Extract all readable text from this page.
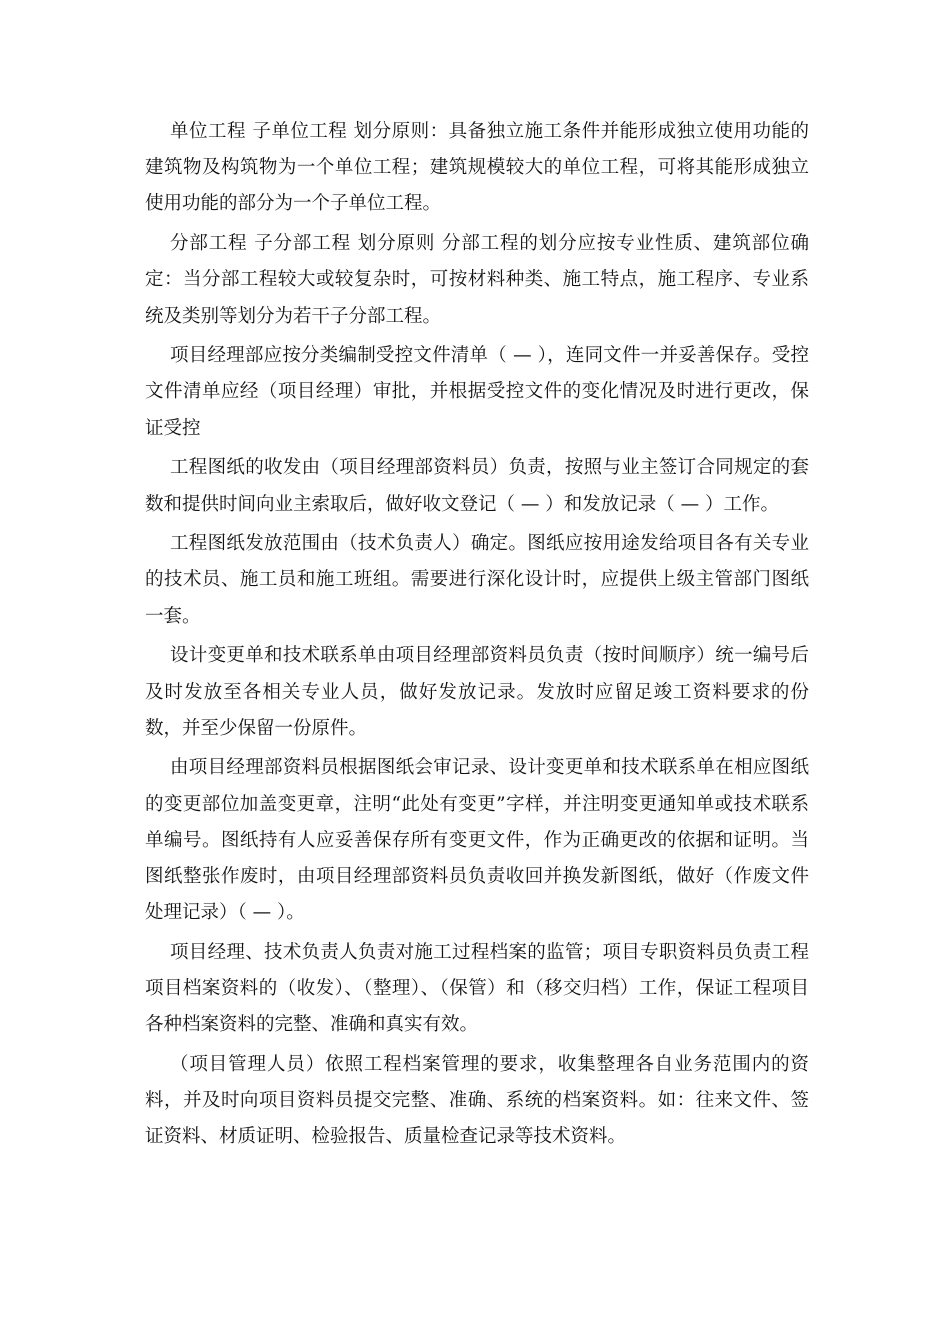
单位工程 子单位工程 划分原则：具备独立施工条件并能形成独立使用功能的建筑物及构筑物为一个单位工程；建筑规模较大的单位工程，可将其能形成独立使用功能的部分为一个子单位工程。

分部工程 子分部工程 划分原则 分部工程的划分应按专业性质、建筑部位确定：当分部工程较大或较复杂时，可按材料种类、施工特点，施工程序、专业系统及类别等划分为若干子分部工程。

项目经理部应按分类编制受控文件清单（ — ），连同文件一并妥善保存。受控文件清单应经（项目经理）审批，并根据受控文件的变化情况及时进行更改，保证受控

工程图纸的收发由（项目经理部资料员）负责，按照与业主签订合同规定的套数和提供时间向业主索取后，做好收文登记（ — ）和发放记录（ — ）工作。

工程图纸发放范围由（技术负责人）确定。图纸应按用途发给项目各有关专业的技术员、施工员和施工班组。需要进行深化设计时，应提供上级主管部门图纸一套。

设计变更单和技术联系单由项目经理部资料员负责（按时间顺序）统一编号后及时发放至各相关专业人员，做好发放记录。发放时应留足竣工资料要求的份数，并至少保留一份原件。

由项目经理部资料员根据图纸会审记录、设计变更单和技术联系单在相应图纸的变更部位加盖变更章，注明“此处有变更”字样，并注明变更通知单或技术联系单编号。图纸持有人应妥善保存所有变更文件，作为正确更改的依据和证明。当图纸整张作废时，由项目经理部资料员负责收回并换发新图纸，做好（作废文件处理记录）（ — ）。

项目经理、技术负责人负责对施工过程档案的监管；项目专职资料员负责工程项目档案资料的（收发）、（整理）、（保管）和（移交归档）工作，保证工程项目各种档案资料的完整、准确和真实有效。

（项目管理人员）依照工程档案管理的要求，收集整理各自业务范围内的资料，并及时向项目资料员提交完整、准确、系统的档案资料。如：往来文件、签证资料、材质证明、检验报告、质量检查记录等技术资料。
